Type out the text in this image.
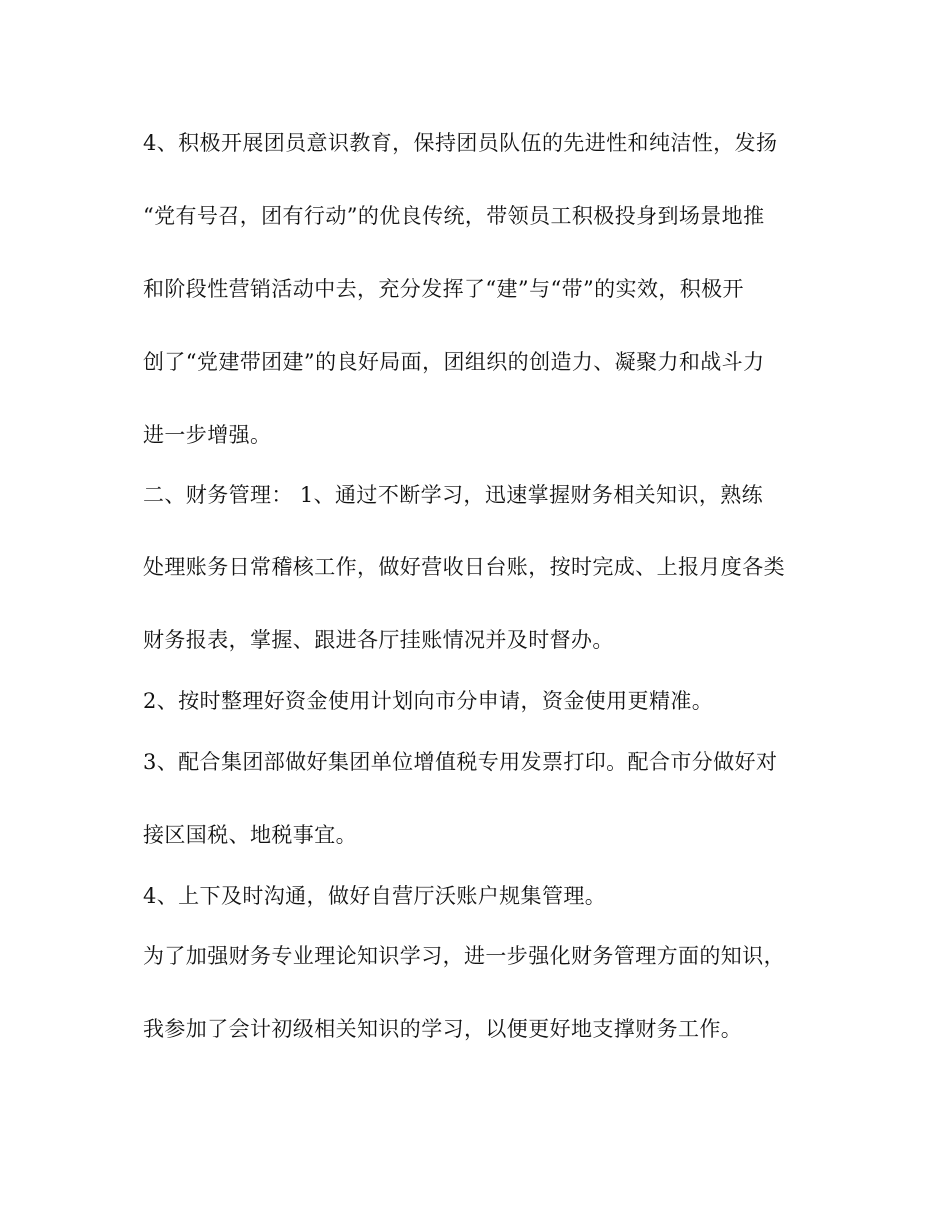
4、积极开展团员意识教育，保持团员队伍的先进性和纯洁性，发扬
“党有号召，团有行动”的优良传统，带领员工积极投身到场景地推
和阶段性营销活动中去，充分发挥了“建”与“带”的实效，积极开
创了“党建带团建”的良好局面，团组织的创造力、凝聚力和战斗力
进一步增强。
二、财务管理： 1、通过不断学习，迅速掌握财务相关知识，熟练
处理账务日常稽核工作，做好营收日台账，按时完成、上报月度各类
财务报表，掌握、跟进各厅挂账情况并及时督办。
2、按时整理好资金使用计划向市分申请，资金使用更精准。
3、配合集团部做好集团单位增值税专用发票打印。配合市分做好对
接区国税、地税事宜。
4、上下及时沟通，做好自营厅沃账户规集管理。
为了加强财务专业理论知识学习，进一步强化财务管理方面的知识，
我参加了会计初级相关知识的学习，以便更好地支撑财务工作。
